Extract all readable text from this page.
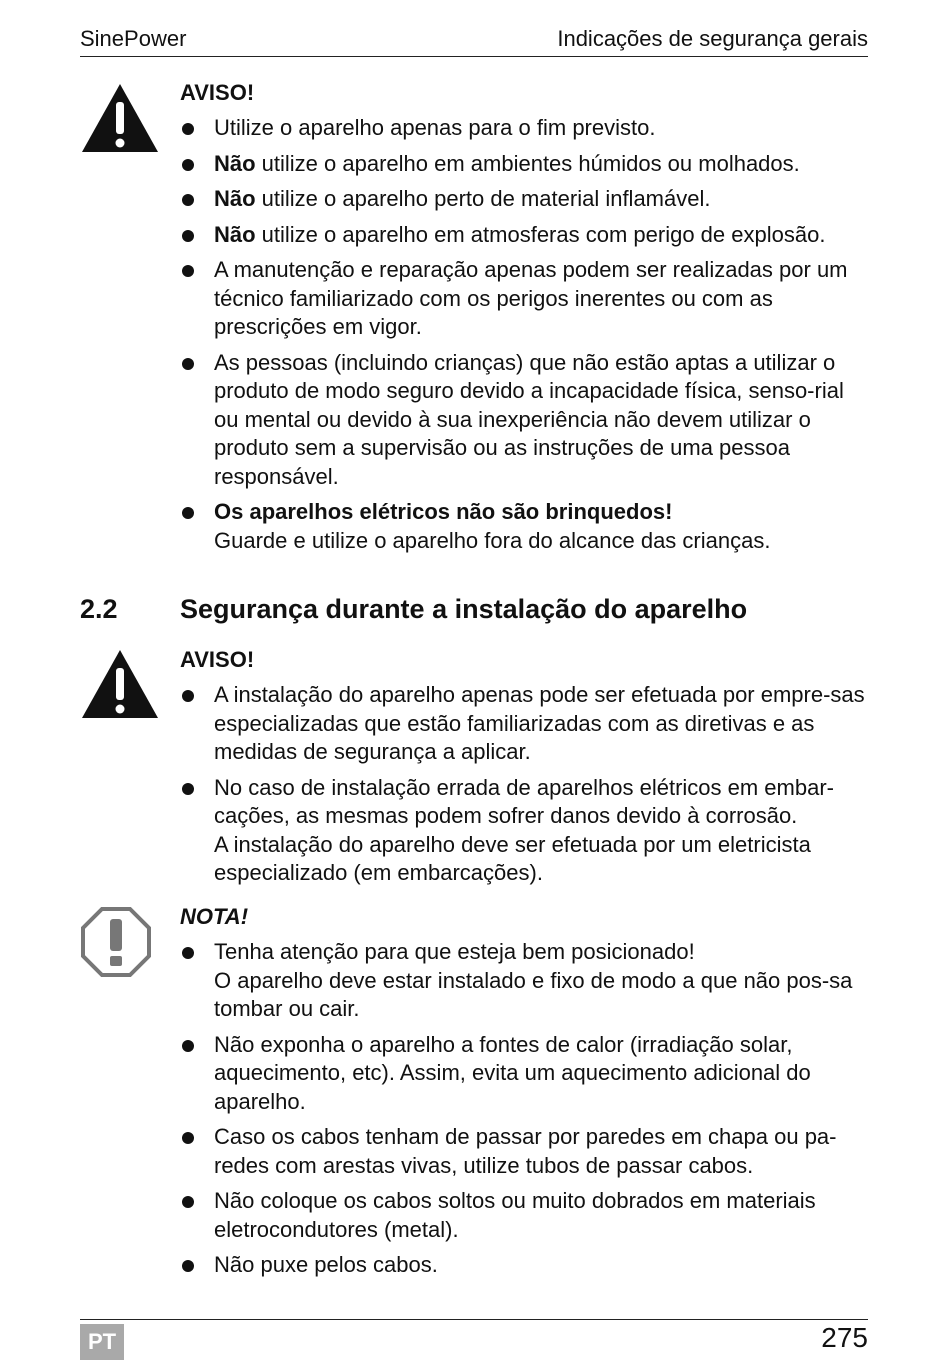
SinePower	Indicações de segurança gerais
AVISO!
Utilize o aparelho apenas para o fim previsto.
Não utilize o aparelho em ambientes húmidos ou molhados.
Não utilize o aparelho perto de material inflamável.
Não utilize o aparelho em atmosferas com perigo de explosão.
A manutenção e reparação apenas podem ser realizadas por um técnico familiarizado com os perigos inerentes ou com as prescrições em vigor.
As pessoas (incluindo crianças) que não estão aptas a utilizar o produto de modo seguro devido a incapacidade física, senso-rial ou mental ou devido à sua inexperiência não devem utilizar o produto sem a supervisão ou as instruções de uma pessoa responsável.
Os aparelhos elétricos não são brinquedos!
Guarde e utilize o aparelho fora do alcance das crianças.
2.2 Segurança durante a instalação do aparelho
AVISO!
A instalação do aparelho apenas pode ser efetuada por empre-sas especializadas que estão familiarizadas com as diretivas e as medidas de segurança a aplicar.
No caso de instalação errada de aparelhos elétricos em embar-cações, as mesmas podem sofrer danos devido à corrosão.
A instalação do aparelho deve ser efetuada por um eletricista especializado (em embarcações).
NOTA!
Tenha atenção para que esteja bem posicionado!
O aparelho deve estar instalado e fixo de modo a que não pos-sa tombar ou cair.
Não exponha o aparelho a fontes de calor (irradiação solar, aquecimento, etc). Assim, evita um aquecimento adicional do aparelho.
Caso os cabos tenham de passar por paredes em chapa ou pa-redes com arestas vivas, utilize tubos de passar cabos.
Não coloque os cabos soltos ou muito dobrados em materiais eletrocondutores (metal).
Não puxe pelos cabos.
PT	275
